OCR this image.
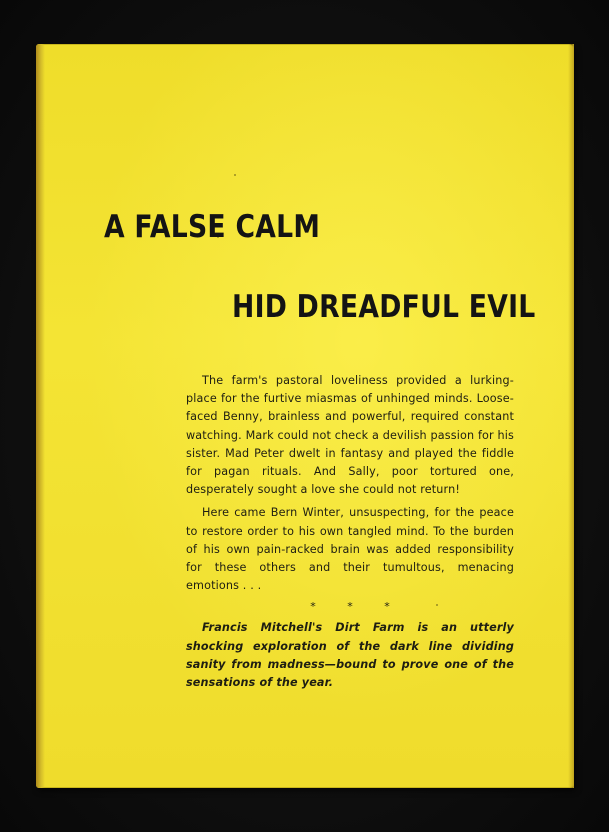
A FALSE CALM
HID DREADFUL EVIL

The farm's pastoral loveliness provided a lurking-place for the furtive miasmas of unhinged minds. Loose-faced Benny, brainless and powerful, required constant watching. Mark could not check a devilish passion for his sister. Mad Peter dwelt in fantasy and played the fiddle for pagan rituals. And Sally, poor tortured one, desperately sought a love she could not return!

Here came Bern Winter, unsuspecting, for the peace to restore order to his own tangled mind. To the burden of his own pain-racked brain was added responsibility for these others and their tumultous, menacing emotions . . .

* * *

Francis Mitchell's Dirt Farm is an utterly shocking exploration of the dark line dividing sanity from madness—bound to prove one of the sensations of the year.
